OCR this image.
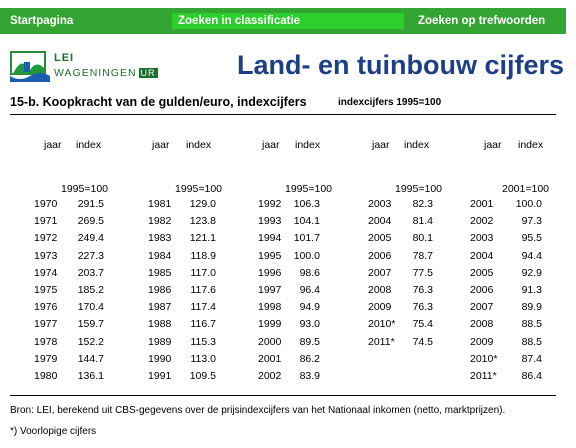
Startpagina	Zoeken in classificatie	Zoeken op trefwoorden
LEI
WAGENINGEN UR	Land- en tuinbouw cijfers
15-b. Koopkracht van de gulden/euro, indexcijfers	indexcijfers 1995=100
jaar index
1995=100
1970	291.5
1971	269.5
1972	249.4
1973	227.3
1974	203.7
1975	185.2
1976	170.4
1977	159.7
1978	152.2
1979	144.7
1980	136.1
jaar index
1995=100
1981	129.0
1982	123.8
1983	121.1
1984	118.9
1985	117.0
1986	117.6
1987	117.4
1988	116.7
1989	115.3
1990	113.0
1991	109.5
jaar index
1995=100
1992	106.3
1993	104.1
1994	101.7
1995	100.0
1996	98.6
1997	96.4
1998	94.9
1999	93.0
2000	89.5
2001	86.2
2002	83.9
jaar index
1995=100
2003	82.3
2004	81.4
2005	80.1
2006	78.7
2007	77.5
2008	76.3
2009	76.3
2010*	75.4
2011*	74.5
jaar index
2001=100
2001	100.0
2002	97.3
2003	95.5
2004	94.4
2005	92.9
2006	91.3
2007	89.9
2008	88.5
2009	88.5
2010*	87.4
2011*	86.4
Bron: LEI, berekend uit CBS-gegevens over de prijsindexcijfers van het Nationaal inkomen (netto, marktprijzen).
*) Voorlopige cijfers
